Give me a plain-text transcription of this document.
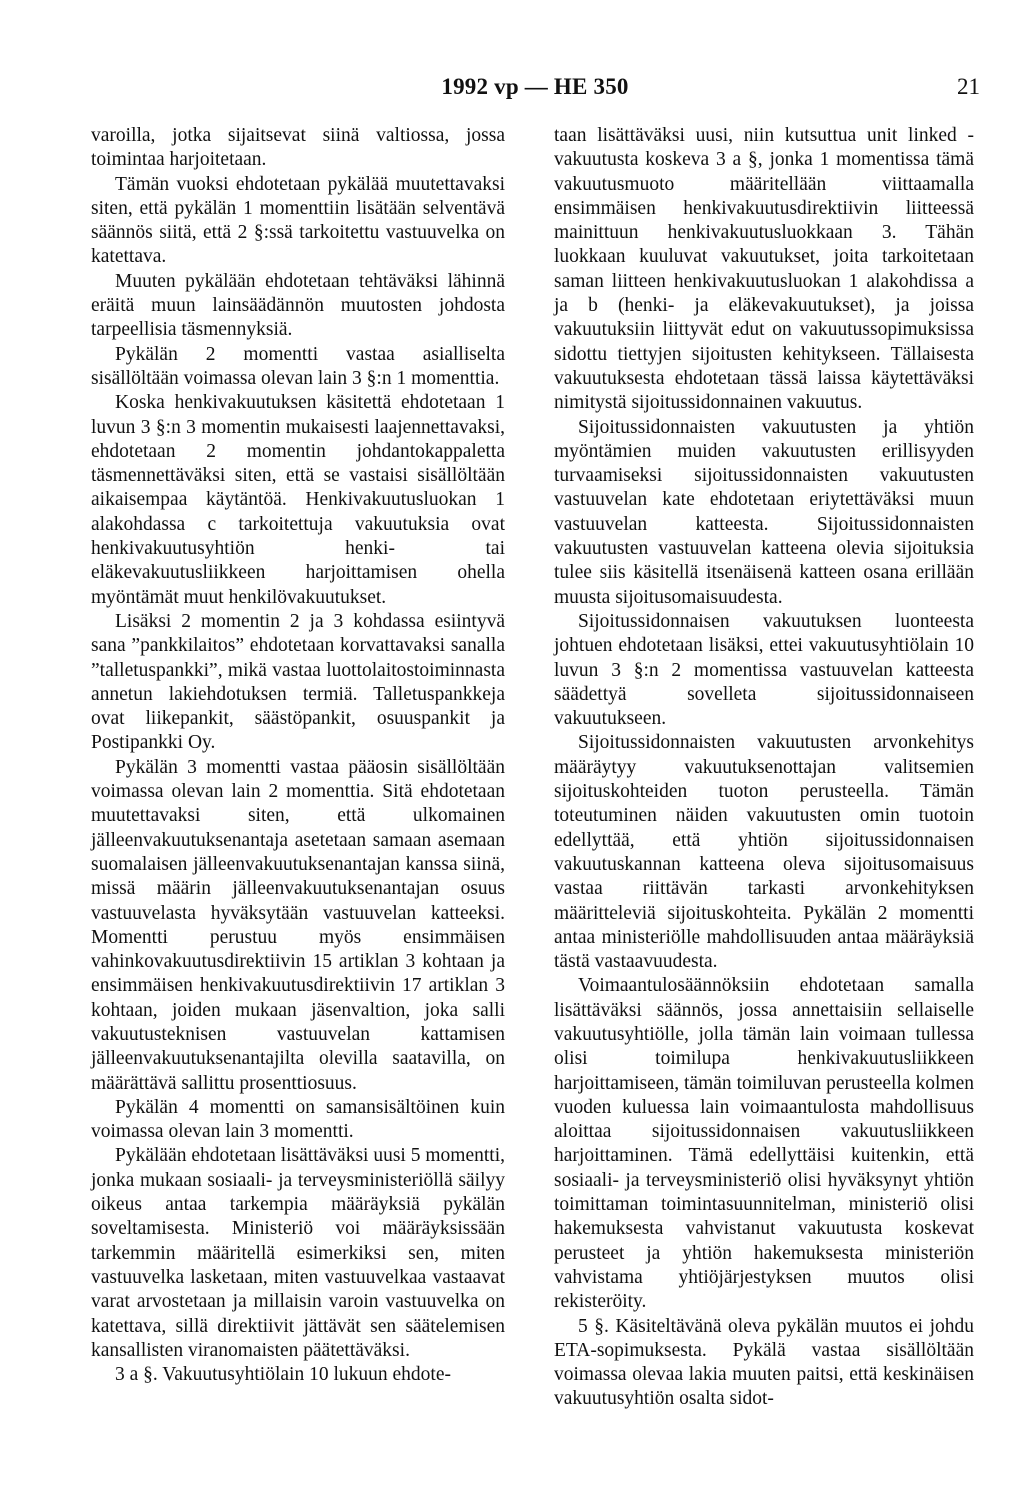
1992 vp — HE 350	21

varoilla, jotka sijaitsevat siinä valtiossa, jossa toimintaa harjoitetaan.

Tämän vuoksi ehdotetaan pykälää muutettavaksi siten, että pykälän 1 momenttiin lisätään selventävä säännös siitä, että 2 §:ssä tarkoitettu vastuuvelka on katettava.

Muuten pykälään ehdotetaan tehtäväksi lähinnä eräitä muun lainsäädännön muutosten johdosta tarpeellisia täsmennyksiä.

Pykälän 2 momentti vastaa asialliselta sisällöltään voimassa olevan lain 3 §:n 1 momenttia.

Koska henkivakuutuksen käsitettä ehdotetaan 1 luvun 3 §:n 3 momentin mukaisesti laajennettavaksi, ehdotetaan 2 momentin johdantokappaletta täsmennettäväksi siten, että se vastaisi sisällöltään aikaisempaa käytäntöä. Henkivakuutusluokan 1 alakohdassa c tarkoitettuja vakuutuksia ovat henkivakuutusyhtiön henki- tai eläkevakuutusliikkeen harjoittamisen ohella myöntämät muut henkilövakuutukset.

Lisäksi 2 momentin 2 ja 3 kohdassa esiintyvä sana ”pankkilaitos” ehdotetaan korvattavaksi sanalla ”talletuspankki”, mikä vastaa luottolaitostoiminnasta annetun lakiehdotuksen termiä. Talletuspankkeja ovat liikepankit, säästöpankit, osuuspankit ja Postipankki Oy.

Pykälän 3 momentti vastaa pääosin sisällöltään voimassa olevan lain 2 momenttia. Sitä ehdotetaan muutettavaksi siten, että ulkomainen jälleenvakuutuksenantaja asetetaan samaan asemaan suomalaisen jälleenvakuutuksenantajan kanssa siinä, missä määrin jälleenvakuutuksenantajan osuus vastuuvelasta hyväksytään vastuuvelan katteeksi. Momentti perustuu myös ensimmäisen vahinkovakuutusdirektiivin 15 artiklan 3 kohtaan ja ensimmäisen henkivakuutusdirektiivin 17 artiklan 3 kohtaan, joiden mukaan jäsenvaltion, joka salli vakuutusteknisen vastuuvelan kattamisen jälleenvakuutuksenantajilta olevilla saatavilla, on määrättävä sallittu prosenttiosuus.

Pykälän 4 momentti on samansisältöinen kuin voimassa olevan lain 3 momentti.

Pykälään ehdotetaan lisättäväksi uusi 5 momentti, jonka mukaan sosiaali- ja terveysministeriöllä säilyy oikeus antaa tarkempia määräyksiä pykälän soveltamisesta. Ministeriö voi määräyksissään tarkemmin määritellä esimerkiksi sen, miten vastuuvelka lasketaan, miten vastuuvelkaa vastaavat varat arvostetaan ja millaisin varoin vastuuvelka on katettava, sillä direktiivit jättävät sen säätelemisen kansallisten viranomaisten päätettäväksi.

3 a §. Vakuutusyhtiölain 10 lukuun ehdote-

taan lisättäväksi uusi, niin kutsuttua unit linked -vakuutusta koskeva 3 a §, jonka 1 momentissa tämä vakuutusmuoto määritellään viittaamalla ensimmäisen henkivakuutusdirektiivin liitteessä mainittuun henkivakuutusluokkaan 3. Tähän luokkaan kuuluvat vakuutukset, joita tarkoitetaan saman liitteen henkivakuutusluokan 1 alakohdissa a ja b (henki- ja eläkevakuutukset), ja joissa vakuutuksiin liittyvät edut on vakuutussopimuksissa sidottu tiettyjen sijoitusten kehitykseen. Tällaisesta vakuutuksesta ehdotetaan tässä laissa käytettäväksi nimitystä sijoitussidonnainen vakuutus.

Sijoitussidonnaisten vakuutusten ja yhtiön myöntämien muiden vakuutusten erillisyyden turvaamiseksi sijoitussidonnaisten vakuutusten vastuuvelan kate ehdotetaan eriytettäväksi muun vastuuvelan katteesta. Sijoitussidonnaisten vakuutusten vastuuvelan katteena olevia sijoituksia tulee siis käsitellä itsenäisenä katteen osana erillään muusta sijoitusomaisuudesta.

Sijoitussidonnaisen vakuutuksen luonteesta johtuen ehdotetaan lisäksi, ettei vakuutusyhtiölain 10 luvun 3 §:n 2 momentissa vastuuvelan katteesta säädettyä sovelleta sijoitussidonnaiseen vakuutukseen.

Sijoitussidonnaisten vakuutusten arvonkehitys määräytyy vakuutuksenottajan valitsemien sijoituskohteiden tuoton perusteella. Tämän toteutuminen näiden vakuutusten omin tuotoin edellyttää, että yhtiön sijoitussidonnaisen vakuutuskannan katteena oleva sijoitusomaisuus vastaa riittävän tarkasti arvonkehityksen määritteleviä sijoituskohteita. Pykälän 2 momentti antaa ministeriölle mahdollisuuden antaa määräyksiä tästä vastaavuudesta.

Voimaantulosäännöksiin ehdotetaan samalla lisättäväksi säännös, jossa annettaisiin sellaiselle vakuutusyhtiölle, jolla tämän lain voimaan tullessa olisi toimilupa henkivakuutusliikkeen harjoittamiseen, tämän toimiluvan perusteella kolmen vuoden kuluessa lain voimaantulosta mahdollisuus aloittaa sijoitussidonnaisen vakuutusliikkeen harjoittaminen. Tämä edellyttäisi kuitenkin, että sosiaali- ja terveysministeriö olisi hyväksynyt yhtiön toimittaman toimintasuunnitelman, ministeriö olisi hakemuksesta vahvistanut vakuutusta koskevat perusteet ja yhtiön hakemuksesta ministeriön vahvistama yhtiöjärjestyksen muutos olisi rekisteröity.

5 §. Käsiteltävänä oleva pykälän muutos ei johdu ETA-sopimuksesta. Pykälä vastaa sisällöltään voimassa olevaa lakia muuten paitsi, että keskinäisen vakuutusyhtiön osalta sidot-
